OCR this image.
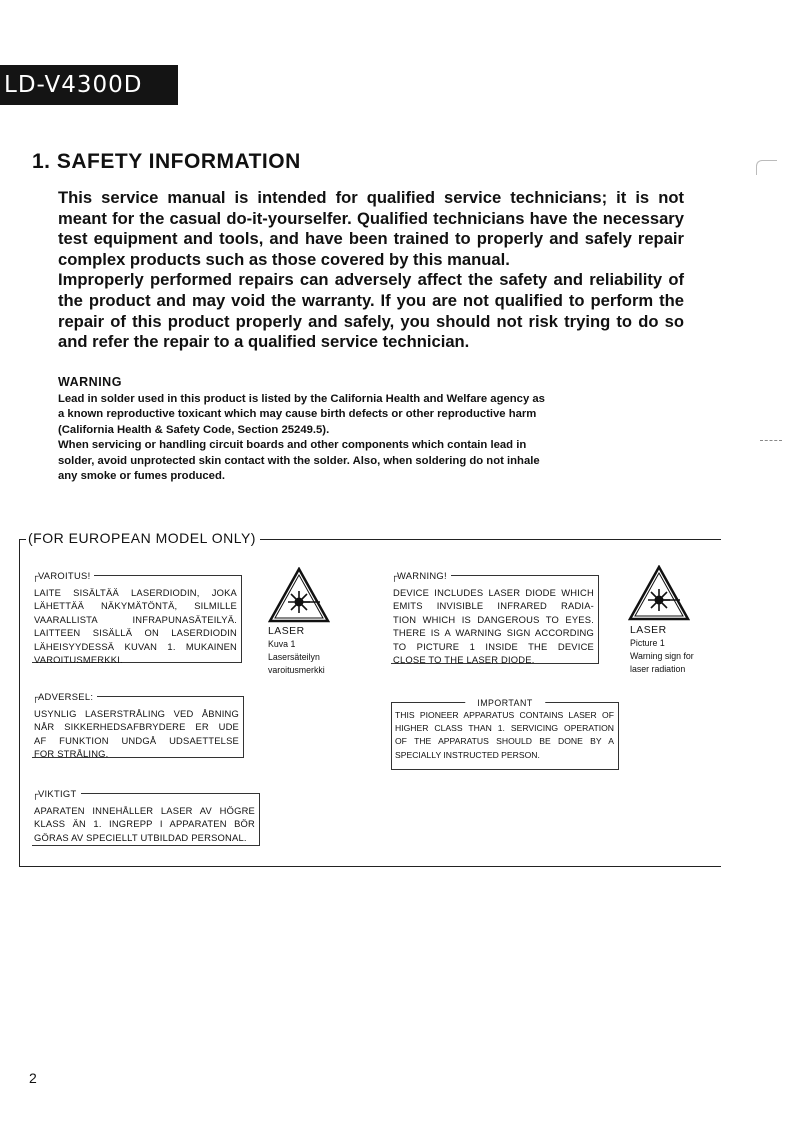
LD-V4300D
1. SAFETY INFORMATION

This service manual is intended for qualified service technicians; it is not meant for the casual do-it-yourselfer. Qualified technicians have the necessary test equipment and tools, and have been trained to properly and safely repair complex products such as those covered by this manual.

Improperly performed repairs can adversely affect the safety and reliability of the product and may void the warranty. If you are not qualified to perform the repair of this product properly and safely, you should not risk trying to do so and refer the repair to a qualified service technician.

WARNING
Lead in solder used in this product is listed by the California Health and Welfare agency as
a known reproductive toxicant which may cause birth defects or other reproductive harm
(California Health & Safety Code, Section 25249.5).
When servicing or handling circuit boards and other components which contain lead in
solder, avoid unprotected skin contact with the solder. Also, when soldering do not inhale
any smoke or fumes produced.
(FOR EUROPEAN MODEL ONLY)
┌ VAROITUS!
LAITE SISÄLTÄÄ LASERDIODIN, JOKA
LÄHETTÄÄ NÄKYMÄTÖNTÄ, SILMILLE
VAARALLISTA INFRAPUNASÄTEILYÄ.
LAITTEEN SISÄLLÄ ON LASERDIODIN
LÄHEISYYDESSÄ KUVAN 1. MUKAINEN
VAROITUSMERKKI.
LASER
Kuva 1
Lasersäteilyn
varoitusmerkki
┌ ADVERSEL:
USYNLIG LASERSTRÅLING VED ÅBNING
NÅR SIKKERHEDSAFBRYDERE ER UDE
AF FUNKTION UNDGÅ UDSAETTELSE
FOR STRÅLING.
┌ VIKTIGT
APARATEN INNEHÅLLER LASER AV HÖGRE
KLASS ÄN 1. INGREPP I APPARATEN BÖR
GÖRAS AV SPECIELLT UTBILDAD PERSONAL.
┌ WARNING!
DEVICE INCLUDES LASER DIODE WHICH
EMITS INVISIBLE INFRARED RADIA-
TION WHICH IS DANGEROUS TO EYES.
THERE IS A WARNING SIGN ACCORDING
TO PICTURE 1 INSIDE THE DEVICE
CLOSE TO THE LASER DIODE.
LASER
Picture 1
Warning sign for
laser radiation
IMPORTANT
THIS PIONEER APPARATUS CONTAINS LASER OF
HIGHER CLASS THAN 1. SERVICING OPERATION
OF THE APPARATUS SHOULD BE DONE BY A
SPECIALLY INSTRUCTED PERSON.
2
